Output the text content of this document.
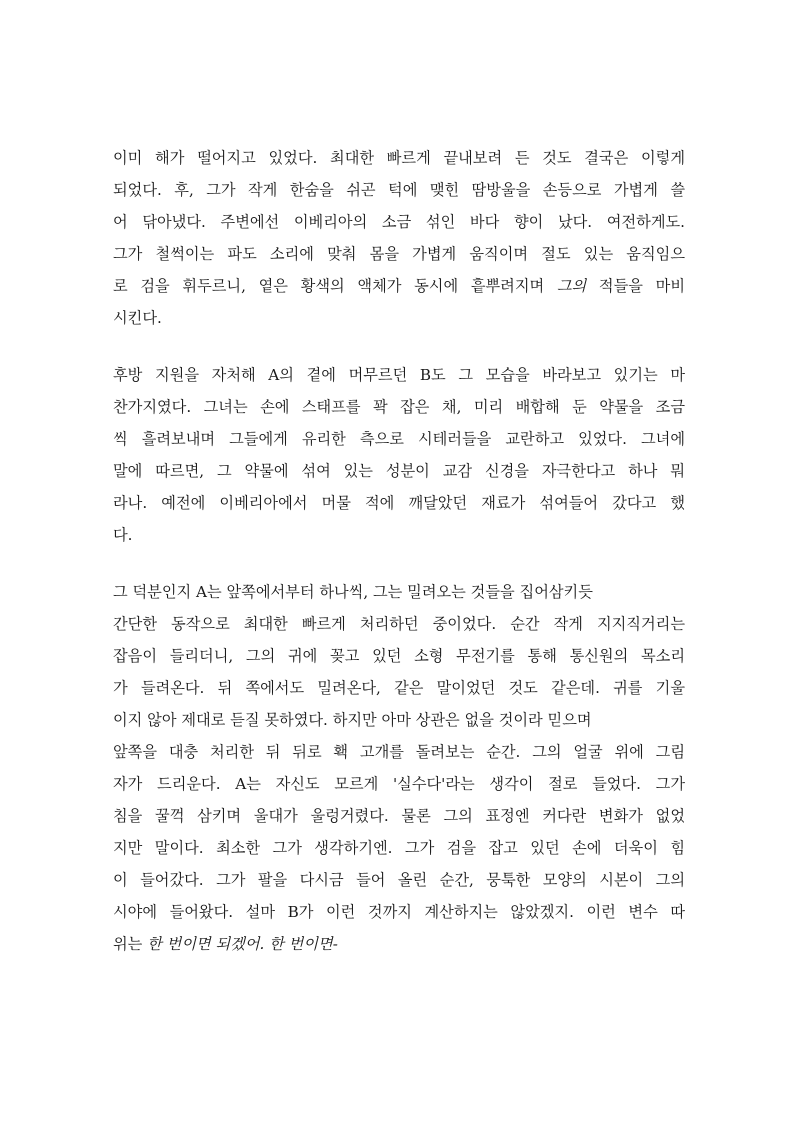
이미 해가 떨어지고 있었다. 최대한 빠르게 끝내보려 든 것도 결국은 이렇게
되었다. 후, 그가 작게 한숨을 쉬곤 턱에 맺힌 땀방울을 손등으로 가볍게 쓸
어 닦아냈다. 주변에선 이베리아의 소금 섞인 바다 향이 났다. 여전하게도.
그가 철썩이는 파도 소리에 맞춰 몸을 가볍게 움직이며 절도 있는 움직임으
로 검을 휘두르니, 옅은 황색의 액체가 동시에 흩뿌려지며 그의 적들을 마비
시킨다.
후방 지원을 자처해 A의 곁에 머무르던 B도 그 모습을 바라보고 있기는 마
찬가지였다. 그녀는 손에 스태프를 꽉 잡은 채, 미리 배합해 둔 약물을 조금
씩 흘려보내며 그들에게 유리한 측으로 시테러들을 교란하고 있었다. 그녀에
말에 따르면, 그 약물에 섞여 있는 성분이 교감 신경을 자극한다고 하나 뭐
라나. 예전에 이베리아에서 머물 적에 깨달았던 재료가 섞여들어 갔다고 했
다.
그 덕분인지 A는 앞쪽에서부터 하나씩, 그는 밀려오는 것들을 집어삼키듯
간단한 동작으로 최대한 빠르게 처리하던 중이었다. 순간 작게 지지직거리는
잡음이 들리더니, 그의 귀에 꽂고 있던 소형 무전기를 통해 통신원의 목소리
가 들려온다. 뒤 쪽에서도 밀려온다, 같은 말이었던 것도 같은데. 귀를 기울
이지 않아 제대로 듣질 못하였다. 하지만 아마 상관은 없을 것이라 믿으며
앞쪽을 대충 처리한 뒤 뒤로 홱 고개를 돌려보는 순간. 그의 얼굴 위에 그림
자가 드리운다. A는 자신도 모르게 '실수다'라는 생각이 절로 들었다. 그가
침을 꿀꺽 삼키며 울대가 울렁거렸다. 물론 그의 표정엔 커다란 변화가 없었
지만 말이다. 최소한 그가 생각하기엔. 그가 검을 잡고 있던 손에 더욱이 힘
이 들어갔다. 그가 팔을 다시금 들어 올린 순간, 뭉툭한 모양의 시본이 그의
시야에 들어왔다. 설마 B가 이런 것까지 계산하지는 않았겠지. 이런 변수 따
위는 한 번이면 되겠어. 한 번이면-
